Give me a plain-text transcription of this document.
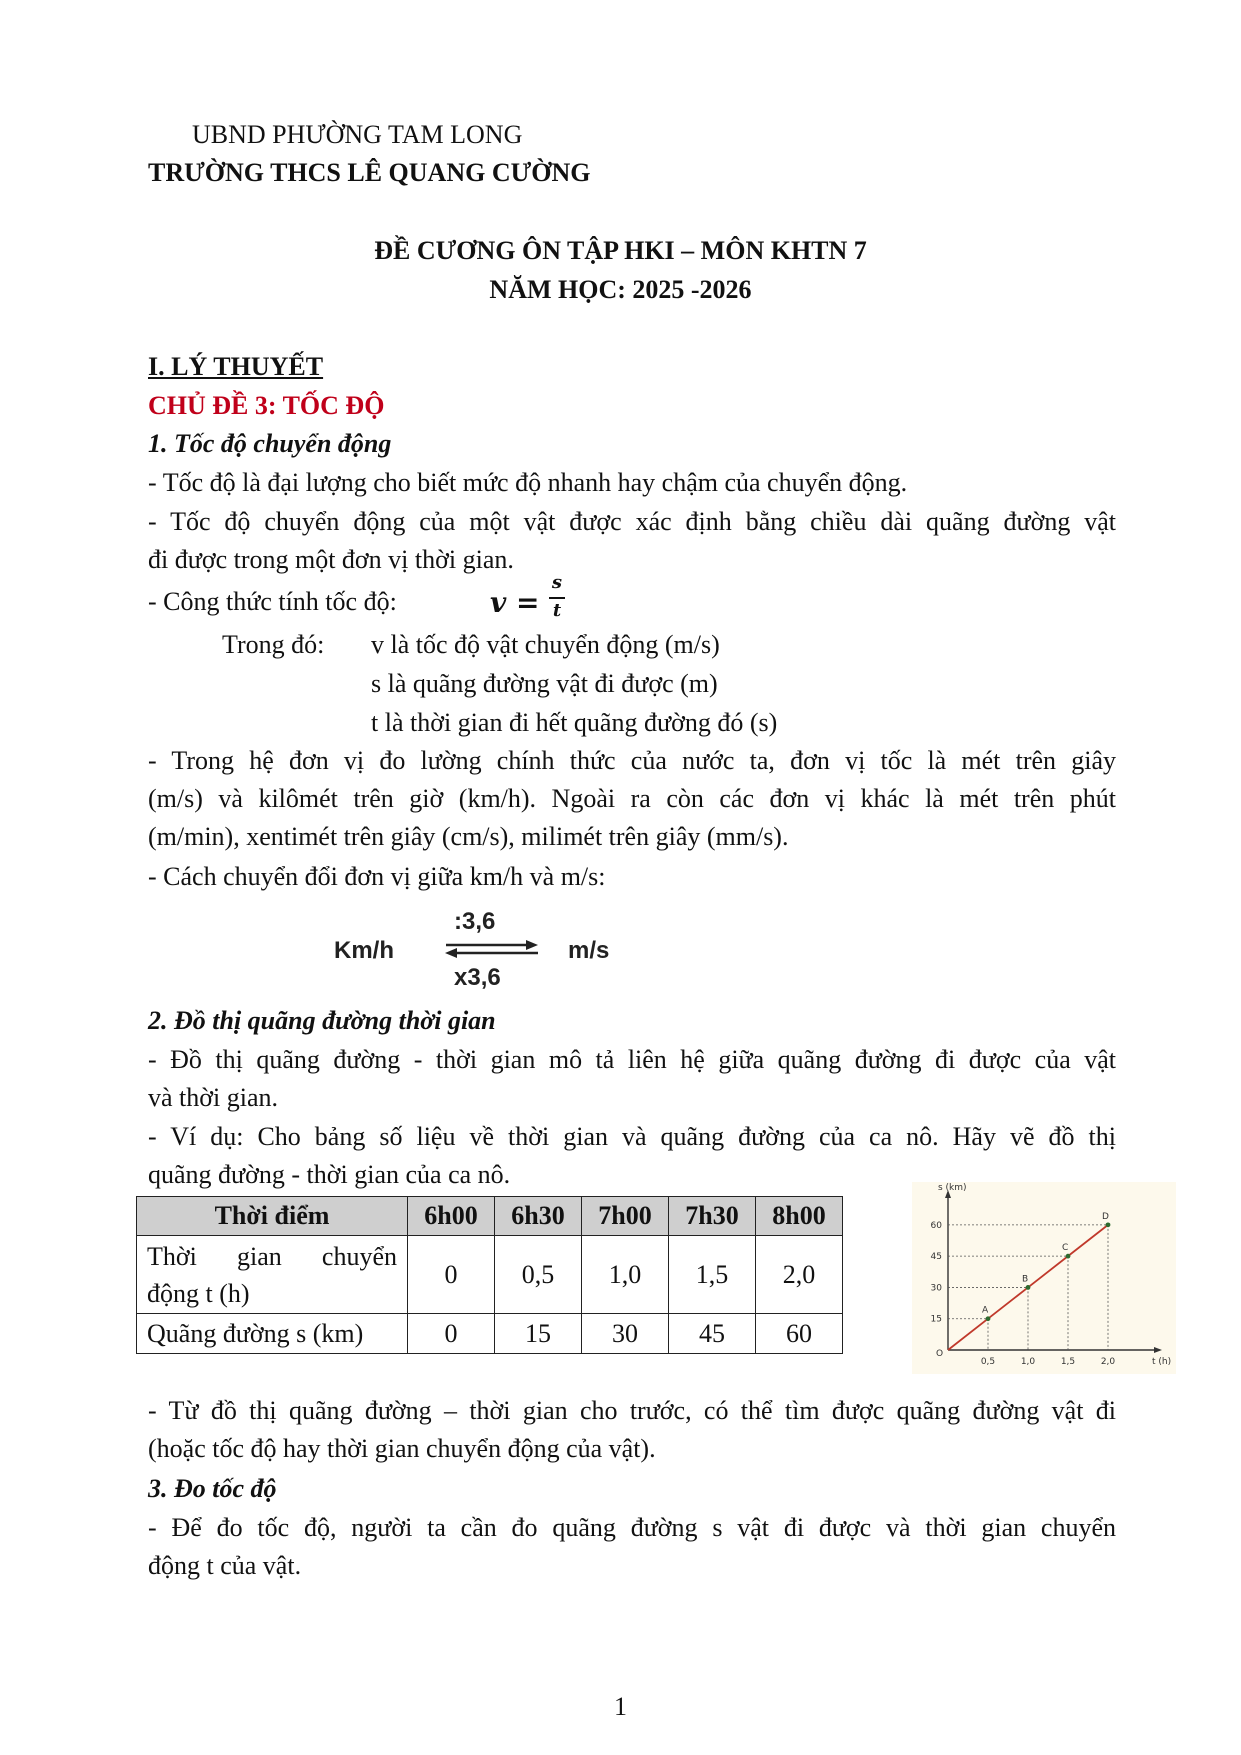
UBND PHƯỜNG TAM LONG
TRƯỜNG THCS LÊ QUANG CƯỜNG
ĐỀ CƯƠNG ÔN TẬP HKI – MÔN KHTN 7
NĂM HỌC: 2025 -2026
I. LÝ THUYẾT
CHỦ ĐỀ 3: TỐC ĐỘ
1. Tốc độ chuyển động
- Tốc độ là đại lượng cho biết mức độ nhanh hay chậm của chuyển động.
- Tốc độ chuyển động của một vật được xác định bằng chiều dài quãng đường vật
đi được trong một đơn vị thời gian.
- Công thức tính tốc độ:	𝒗 =
s
t
Trong đó: v là tốc độ vật chuyển động (m/s)
s là quãng đường vật đi được (m)
t là thời gian đi hết quãng đường đó (s)
- Trong hệ đơn vị đo lường chính thức của nước ta, đơn vị tốc là mét trên giây
(m/s) và kilômét trên giờ (km/h). Ngoài ra còn các đơn vị khác là mét trên phút
(m/min), xentimét trên giây (cm/s), milimét trên giây (mm/s).
- Cách chuyển đổi đơn vị giữa km/h và m/s:
Km/h
:3,6
x3,6
m/s
2. Đồ thị quãng đường thời gian
- Đồ thị quãng đường - thời gian mô tả liên hệ giữa quãng đường đi được của vật
và thời gian.
- Ví dụ: Cho bảng số liệu về thời gian và quãng đường của ca nô. Hãy vẽ đồ thị
quãng đường - thời gian của ca nô.
Thời điểm	6h00	6h30	7h00	7h30	8h00

Thời gian chuyển
động t (h)	0	0,5	1,0	1,5	2,0
Quãng đường s (km)	0	15	30	45	60
s (km)
t (h)
0,5
15
1,0
30
1,5
45
2,0
60
O
A
B
C
D
- Từ đồ thị quãng đường – thời gian cho trước, có thể tìm được quãng đường vật đi
(hoặc tốc độ hay thời gian chuyển động của vật).
3. Đo tốc độ
- Để đo tốc độ, người ta cần đo quãng đường s vật đi được và thời gian chuyển
động t của vật.
1
